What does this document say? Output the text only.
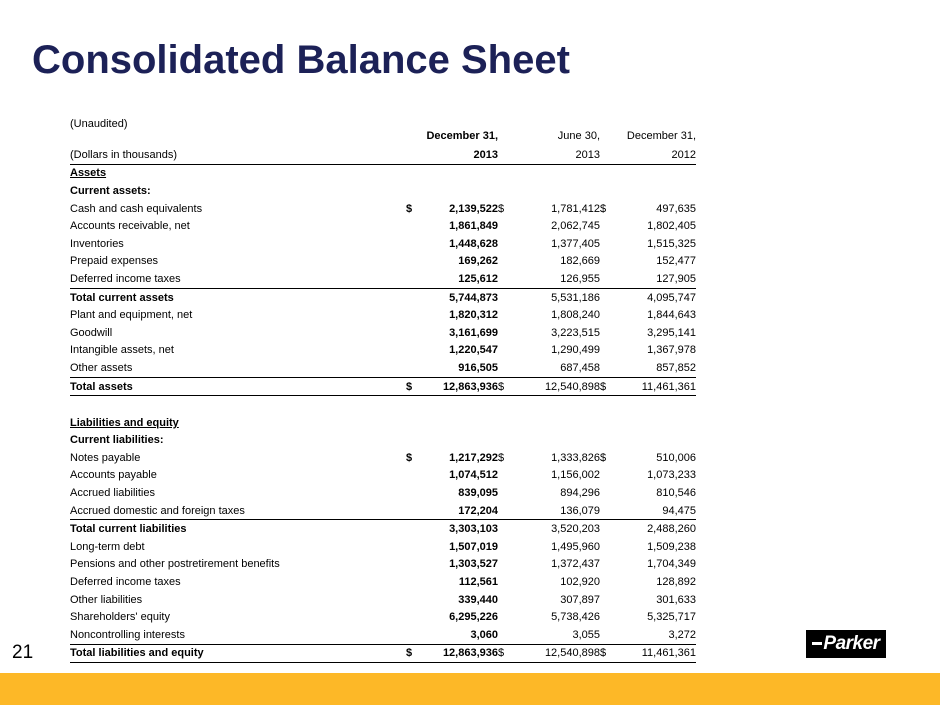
Consolidated Balance Sheet
(Unaudited)		December 31,		June 30,		December 31,
(Dollars in thousands)		2013		2013		2012
Assets						
Current assets:						
Cash and cash equivalents	$	2,139,522	$	1,781,412	$	497,635
Accounts receivable, net		1,861,849		2,062,745		1,802,405
Inventories		1,448,628		1,377,405		1,515,325
Prepaid expenses		169,262		182,669		152,477
Deferred income taxes		125,612		126,955		127,905
Total current assets		5,744,873		5,531,186		4,095,747
Plant and equipment, net		1,820,312		1,808,240		1,844,643
Goodwill		3,161,699		3,223,515		3,295,141
Intangible assets, net		1,220,547		1,290,499		1,367,978
Other assets		916,505		687,458		857,852
Total assets	$	12,863,936	$	12,540,898	$	11,461,361

Liabilities and equity						
Current liabilities:						
Notes payable	$	1,217,292	$	1,333,826	$	510,006
Accounts payable		1,074,512		1,156,002		1,073,233
Accrued liabilities		839,095		894,296		810,546
Accrued domestic and foreign taxes		172,204		136,079		94,475
Total current liabilities		3,303,103		3,520,203		2,488,260
Long-term debt		1,507,019		1,495,960		1,509,238
Pensions and other postretirement benefits		1,303,527		1,372,437		1,704,349
Deferred income taxes		112,561		102,920		128,892
Other liabilities		339,440		307,897		301,633
Shareholders' equity		6,295,226		5,738,426		5,325,717
Noncontrolling interests		3,060		3,055		3,272
Total liabilities and equity	$	12,863,936	$	12,540,898	$	11,461,361
21	Parker
